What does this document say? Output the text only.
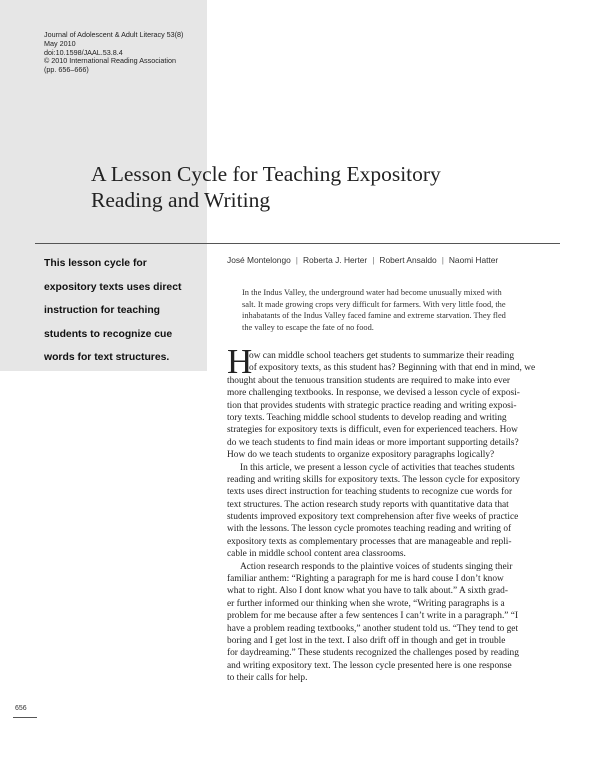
Journal of Adolescent & Adult Literacy 53(8)
May 2010
doi:10.1598/JAAL.53.8.4
© 2010 International Reading Association
(pp. 656–666)
A Lesson Cycle for Teaching Expository
Reading and Writing
This lesson cycle for
expository texts uses direct
instruction for teaching
students to recognize cue
words for text structures.
José Montelongo | Roberta J. Herter | Robert Ansaldo | Naomi Hatter
In the Indus Valley, the underground water had become unusually mixed with
salt. It made growing crops very difficult for farmers. With very little food, the
inhabatants of the Indus Valley faced famine and extreme starvation. They fled
the valley to escape the fate of no food.
H
ow can middle school teachers get students to summarize their reading
of expository texts, as this student has? Beginning with that end in mind, we
thought about the tenuous transition students are required to make into ever
more challenging textbooks. In response, we devised a lesson cycle of exposi-
tion that provides students with strategic practice reading and writing exposi-
tory texts. Teaching middle school students to develop reading and writing
strategies for expository texts is difficult, even for experienced teachers. How
do we teach students to find main ideas or more important supporting details?
How do we teach students to organize expository paragraphs logically?
In this article, we present a lesson cycle of activities that teaches students
reading and writing skills for expository texts. The lesson cycle for expository
texts uses direct instruction for teaching students to recognize cue words for
text structures. The action research study reports with quantitative data that
students improved expository text comprehension after five weeks of practice
with the lessons. The lesson cycle promotes teaching reading and writing of
expository texts as complementary processes that are manageable and repli-
cable in middle school content area classrooms.
Action research responds to the plaintive voices of students singing their
familiar anthem: “Righting a paragraph for me is hard couse I don’t know
what to right. Also I dont know what you have to talk about.” A sixth grad-
er further informed our thinking when she wrote, “Writing paragraphs is a
problem for me because after a few sentences I can’t write in a paragraph.” “I
have a problem reading textbooks,” another student told us. “They tend to get
boring and I get lost in the text. I also drift off in though and get in trouble
for daydreaming.” These students recognized the challenges posed by reading
and writing expository text. The lesson cycle presented here is one response
to their calls for help.
656
